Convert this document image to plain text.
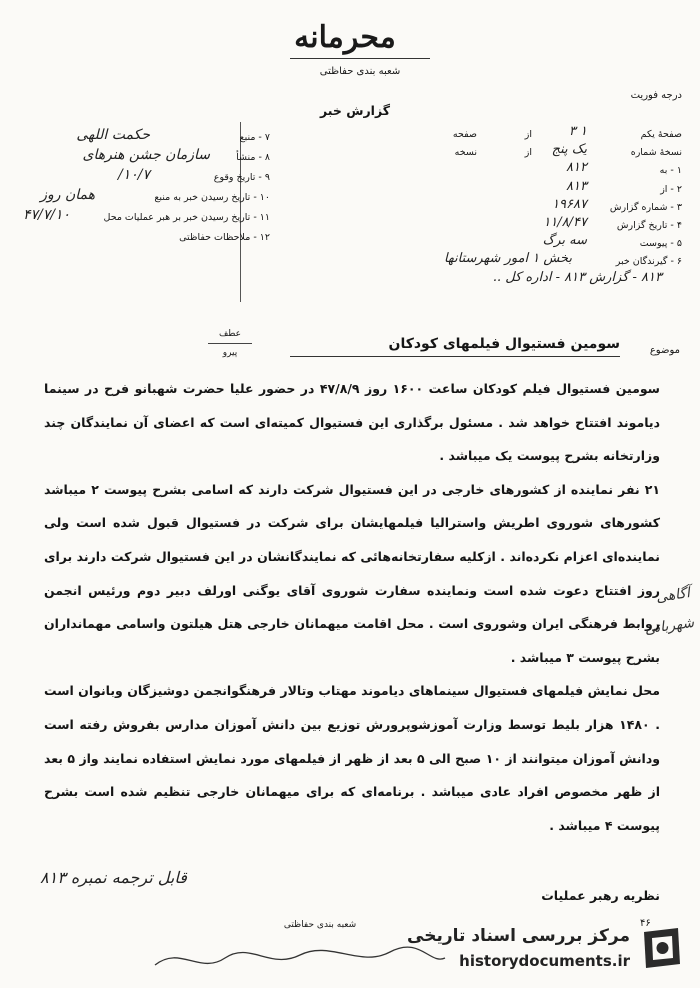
محرمانه
شعبه بندی حفاظتی
گزارش خبر
درجه فوریت
صفحهٔ یکم
۱ ۳
از
صفحه
نسخهٔ شماره
یک پنج
از
نسخه
۱ - به
۸۱۲
۲ - از
۸۱۳
۳ - شماره گزارش
۱۹۶۸۷
۴ - تاریخ گزارش
۱۱/۸/۴۷
۵ - پیوست
سه برگ
۶ - گیرندگان خبر
بخش ۱ امور شهرستانها
۸۱۳ - گزارش ۸۱۳ - اداره کل ..
۷ - منبع
حکمت اللهی
۸ - منشأ
سازمان جشن هنرهای
۹ - تاریخ وقوع
۱۰/۷/
۱۰ - تاریخ رسیدن خبر به منبع
همان روز
۱۱ - تاریخ رسیدن خبر بر هبر عملیات محل
۴۷/۷/۱۰
۱۲ - ملاحظات حفاظتی
عطف
پیرو	موضوع
سومین فستیوال فیلمهای کودکان

سومین فستیوال فیلم کودکان ساعت ۱۶۰۰ روز ۴۷/۸/۹ در حضور علیا حضرت شهبانو فرح در سینما دیاموند افتتاح خواهد شد . مسئول برگذاری این فستیوال کمیته‌ای است که اعضای آن نمایندگان چند وزارتخانه بشرح پیوست یک میباشد .

۲۱ نفر نماینده از کشورهای خارجی در این فستیوال شرکت دارند که اسامی بشرح پیوست ۲ میباشد کشورهای شوروی اطریش واسترالیا فیلمهایشان برای شرکت در فستیوال قبول شده است ولی نماینده‌ای اعزام نکرده‌اند . ازکلیه سفارتخانه‌هائی که نمایندگانشان در این فستیوال شرکت دارند برای روز افتتاح دعوت شده است ونماینده سفارت شوروی آقای یوگنی اورلف دبیر دوم ورئیس انجمن روابط فرهنگی ایران وشوروی است . محل اقامت میهمانان خارجی هتل هیلتون واسامی مهمانداران بشرح پیوست ۳ میباشد .

محل نمایش فیلمهای فستیوال سینماهای دیاموند مهتاب وتالار فرهنگوانجمن دوشیزگان وبانوان است . ۱۴۸۰ هزار بلیط توسط وزارت آموزشوپرورش توزیع بین دانش آموزان مدارس بفروش رفته است ودانش آموزان میتوانند از ۱۰ صبح الی ۵ بعد از ظهر از فیلمهای مورد نمایش استفاده نمایند واز ۵ بعد از ظهر مخصوص افراد عادی میباشد . برنامه‌ای که برای میهمانان خارجی تنظیم شده است بشرح پیوست ۴ میباشد .

آگاهی شهربانی
قابل ترجمه نمبره ۸۱۳
نظریه رهبر عملیات
شعبه بندی حفاظتی	۴۶
مرکز بررسی اسناد تاریخی
historydocuments.ir
